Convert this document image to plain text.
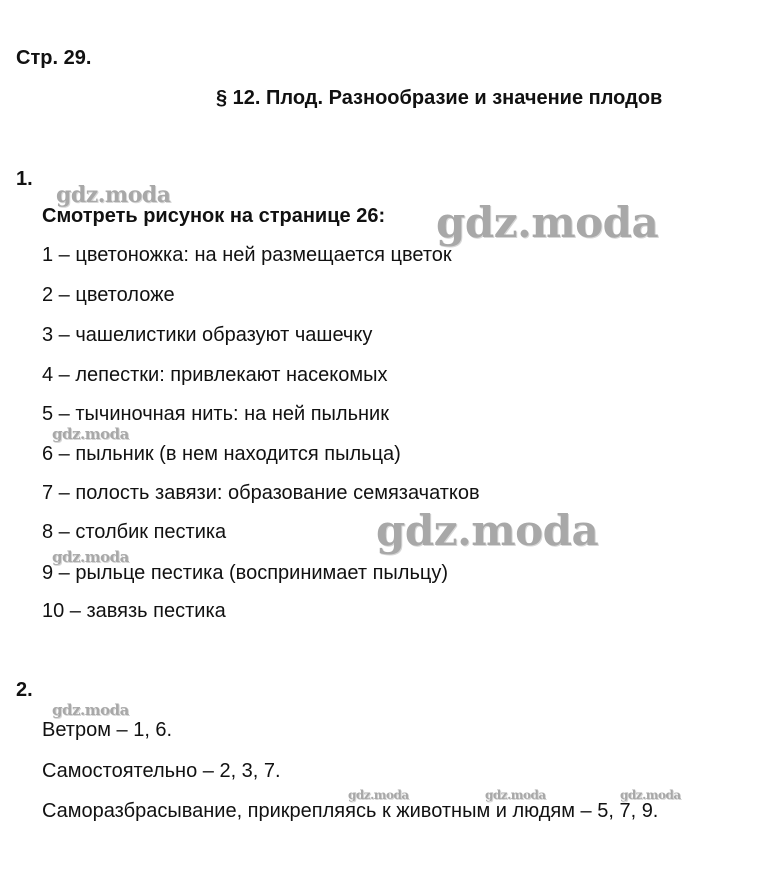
Стр. 29.
§ 12. Плод. Разнообразие и значение плодов
1.
Смотреть рисунок на странице 26:
1 – цветоножка: на ней размещается цветок
2 – цветоложе
3 – чашелистики образуют чашечку
4 – лепестки: привлекают насекомых
5 – тычиночная нить: на ней пыльник
6 – пыльник (в нем находится пыльца)
7 – полость завязи: образование семязачатков
8 – столбик пестика
9 – рыльце пестика (воспринимает пыльцу)
10 – завязь пестика
2.
Ветром – 1, 6.
Самостоятельно – 2, 3, 7.
Саморазбрасывание, прикрепляясь к животным и людям – 5, 7, 9.
gdz.moda
gdz.moda
gdz.moda
gdz.moda
gdz.moda
gdz.moda
gdz.moda	gdz.moda	gdz.moda
